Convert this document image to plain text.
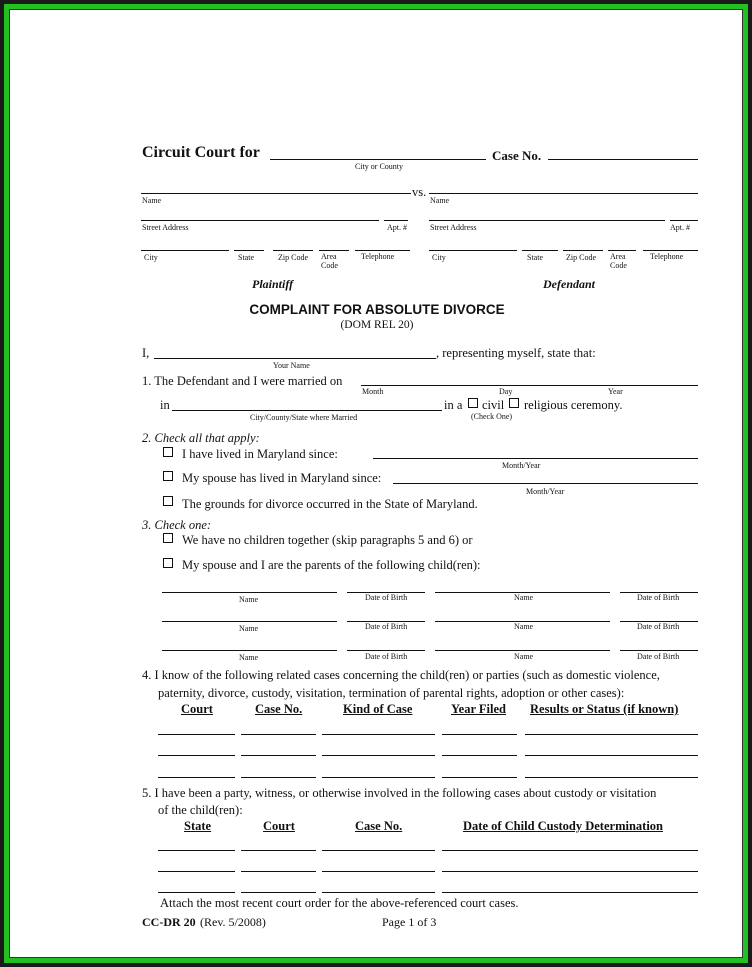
Circuit Court for
City or County
Case No.
vs.
Name
Street Address	Apt. #
City	State	Zip Code Area Code
Telephone
Plaintiff
Name
Street Address	Apt. #
City	State	Zip Code Area Code
Telephone
Defendant
COMPLAINT FOR ABSOLUTE DIVORCE
(DOM REL 20)
I,
Your Name
, representing myself, state that:
1. The Defendant and I were married on
Month	Day	Year
in
City/County/State where Married
in a civil religious ceremony.
(Check One)
2. Check all that apply:
I have lived in Maryland since:
Month/Year
My spouse has lived in Maryland since:
Month/Year
The grounds for divorce occurred in the State of Maryland.
3. Check one:
We have no children together (skip paragraphs 5 and 6) or
My spouse and I are the parents of the following child(ren):
Name	Date of Birth	Name	Date of Birth
Name	Date of Birth	Name	Date of Birth
Name	Date of Birth	Name	Date of Birth
4. I know of the following related cases concerning the child(ren) or parties (such as domestic violence,
paternity, divorce, custody, visitation, termination of parental rights, adoption or other cases):
Court	Case No.	Kind of Case	Year Filed Results or Status (if known)
5. I have been a party, witness, or otherwise involved in the following cases about custody or visitation
of the child(ren):
State	Court	Case No.	Date of Child Custody Determination
Attach the most recent court order for the above-referenced court cases.
CC-DR 20 (Rev. 5/2008)	Page 1 of 3
